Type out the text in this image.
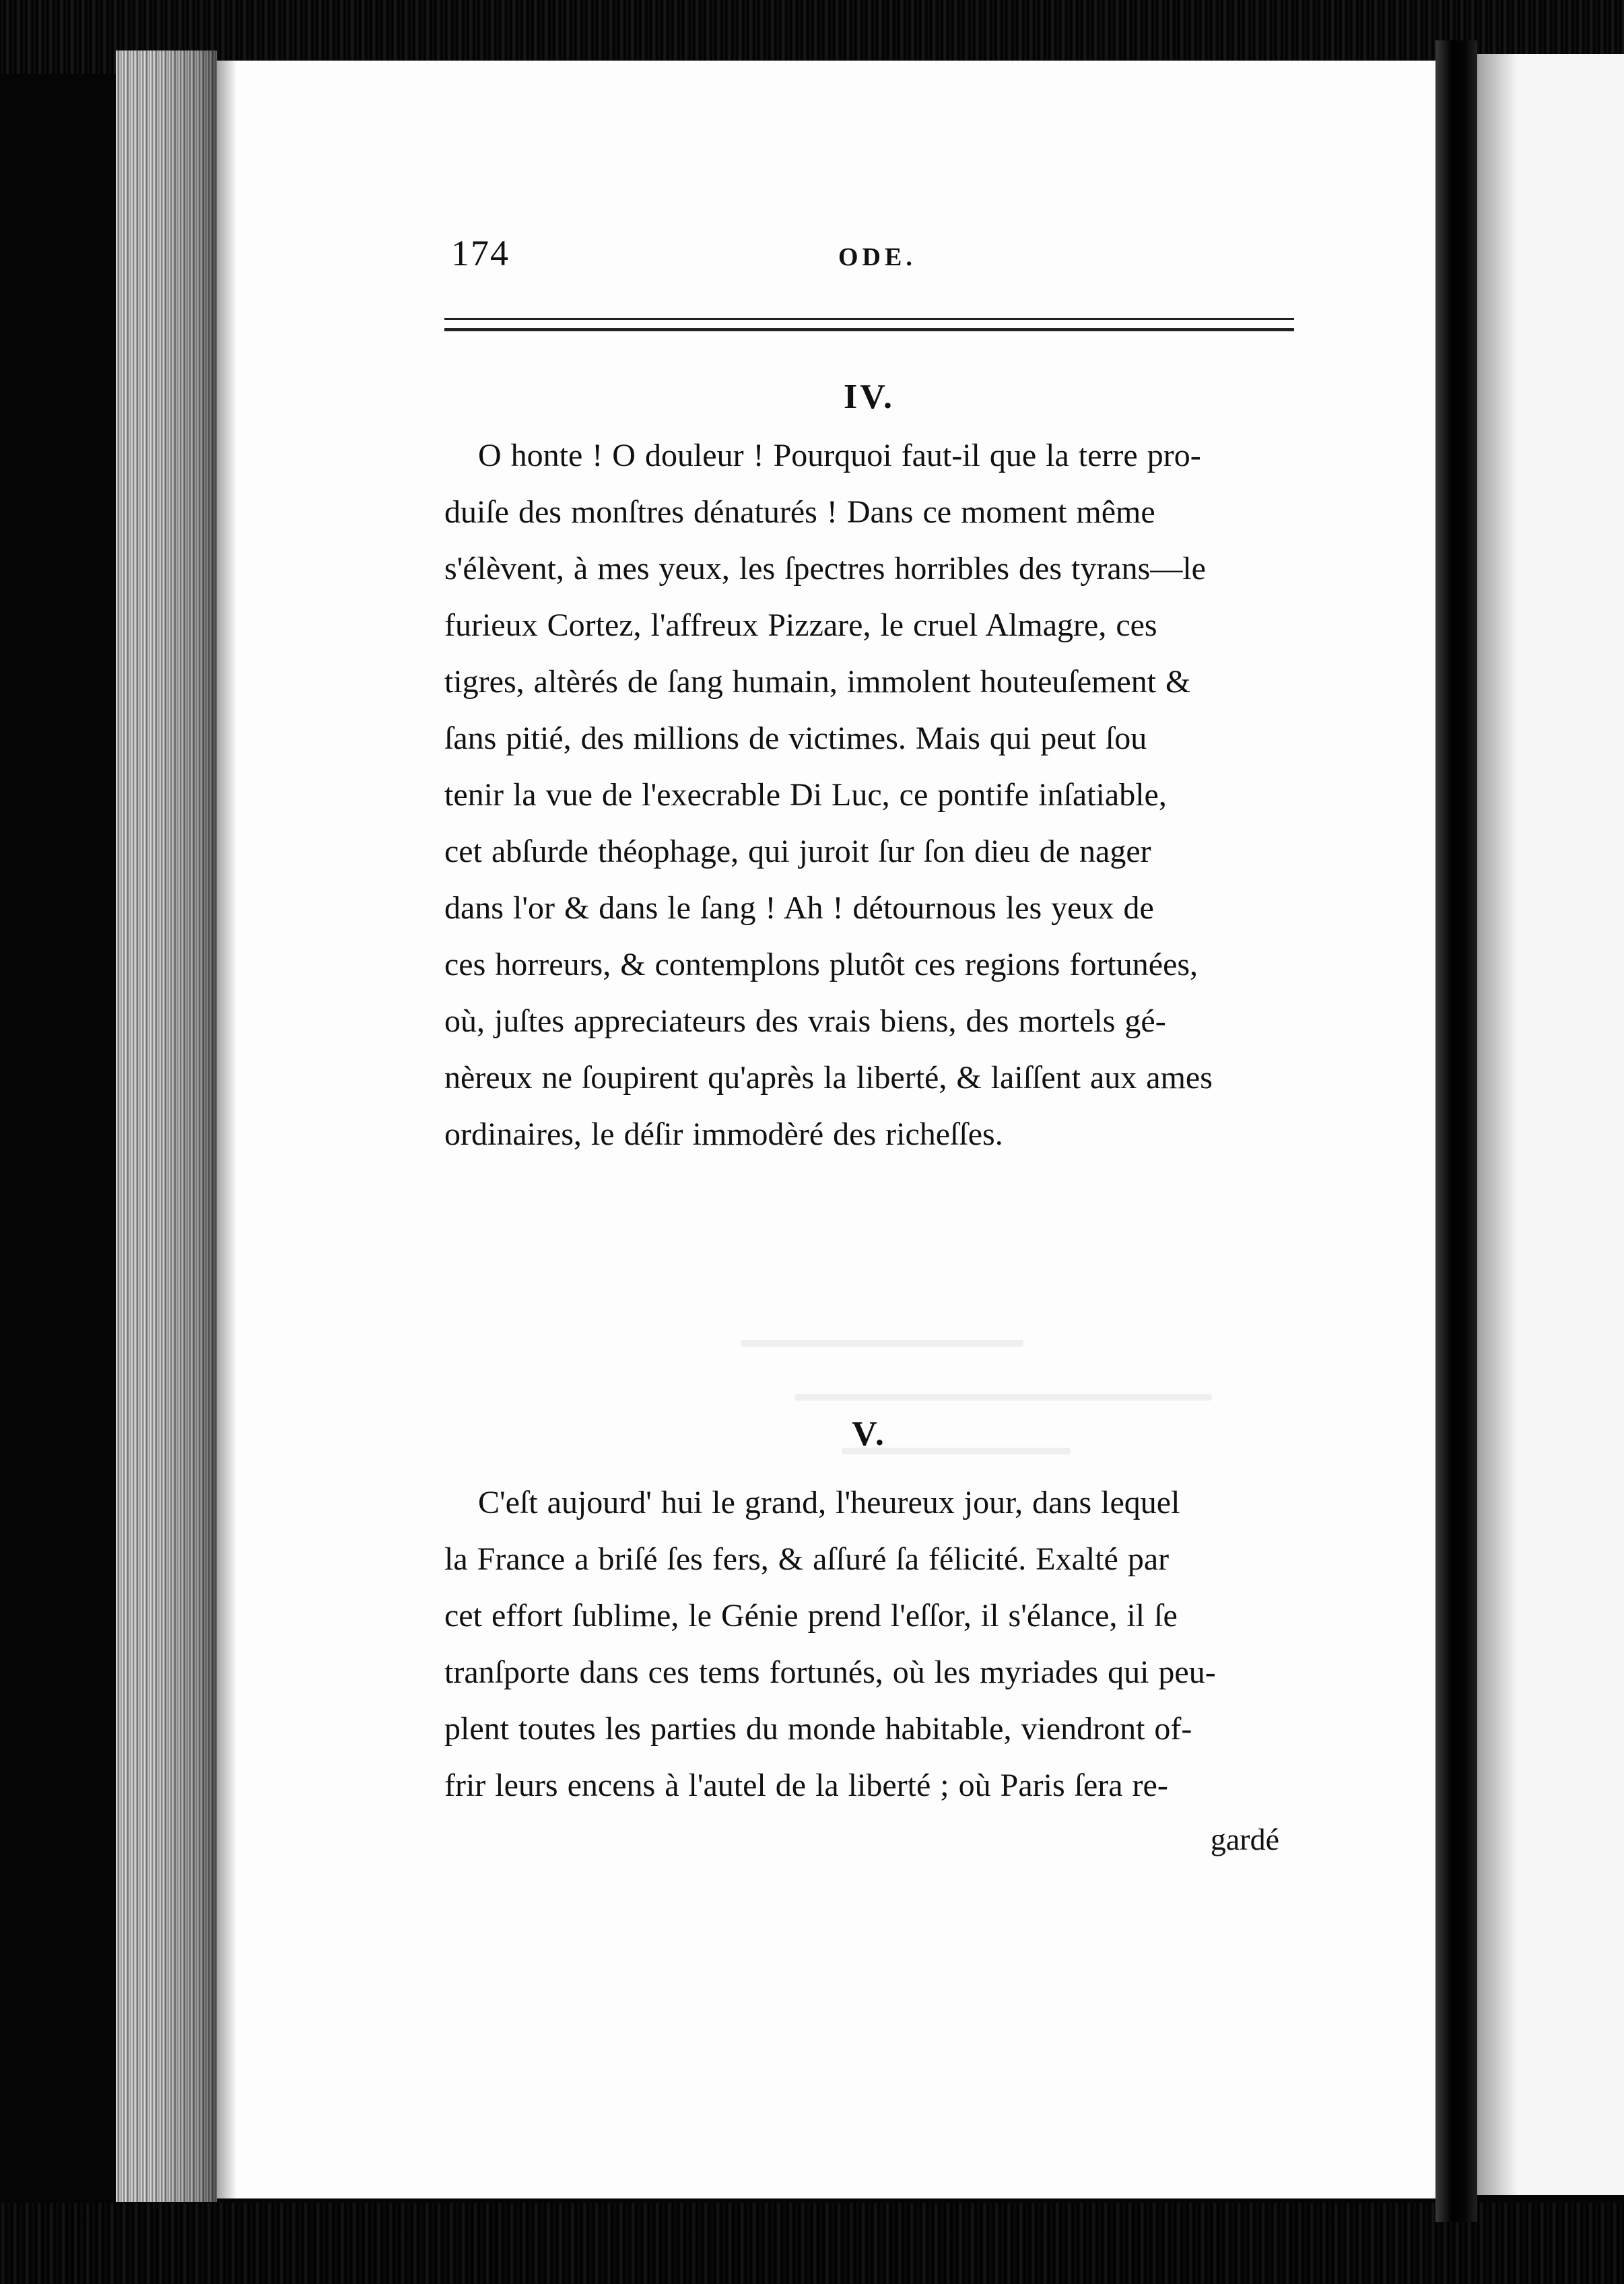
174	ODE.
IV.
O honte ! O douleur ! Pourquoi faut-il que la terre pro-
duiſe des monſtres dénaturés ! Dans ce moment même
s'élèvent, à mes yeux, les ſpectres horribles des tyrans—le
furieux Cortez, l'affreux Pizzare, le cruel Almagre, ces
tigres, altèrés de ſang humain, immolent houteuſement &
ſans pitié, des millions de victimes. Mais qui peut ſou
tenir la vue de l'execrable Di Luc, ce pontife inſatiable,
cet abſurde théophage, qui juroit ſur ſon dieu de nager
dans l'or & dans le ſang ! Ah ! détournous les yeux de
ces horreurs, & contemplons plutôt ces regions fortunées,
où, juſtes appreciateurs des vrais biens, des mortels gé-
nèreux ne ſoupirent qu'après la liberté, & laiſſent aux ames
ordinaires, le déſir immodèré des richeſſes.
V.
C'eſt aujourd' hui le grand, l'heureux jour, dans lequel
la France a briſé ſes fers, & aſſuré ſa félicité. Exalté par
cet effort ſublime, le Génie prend l'eſſor, il s'élance, il ſe
tranſporte dans ces tems fortunés, où les myriades qui peu-
plent toutes les parties du monde habitable, viendront of-
frir leurs encens à l'autel de la liberté ; où Paris ſera re-
gardé
